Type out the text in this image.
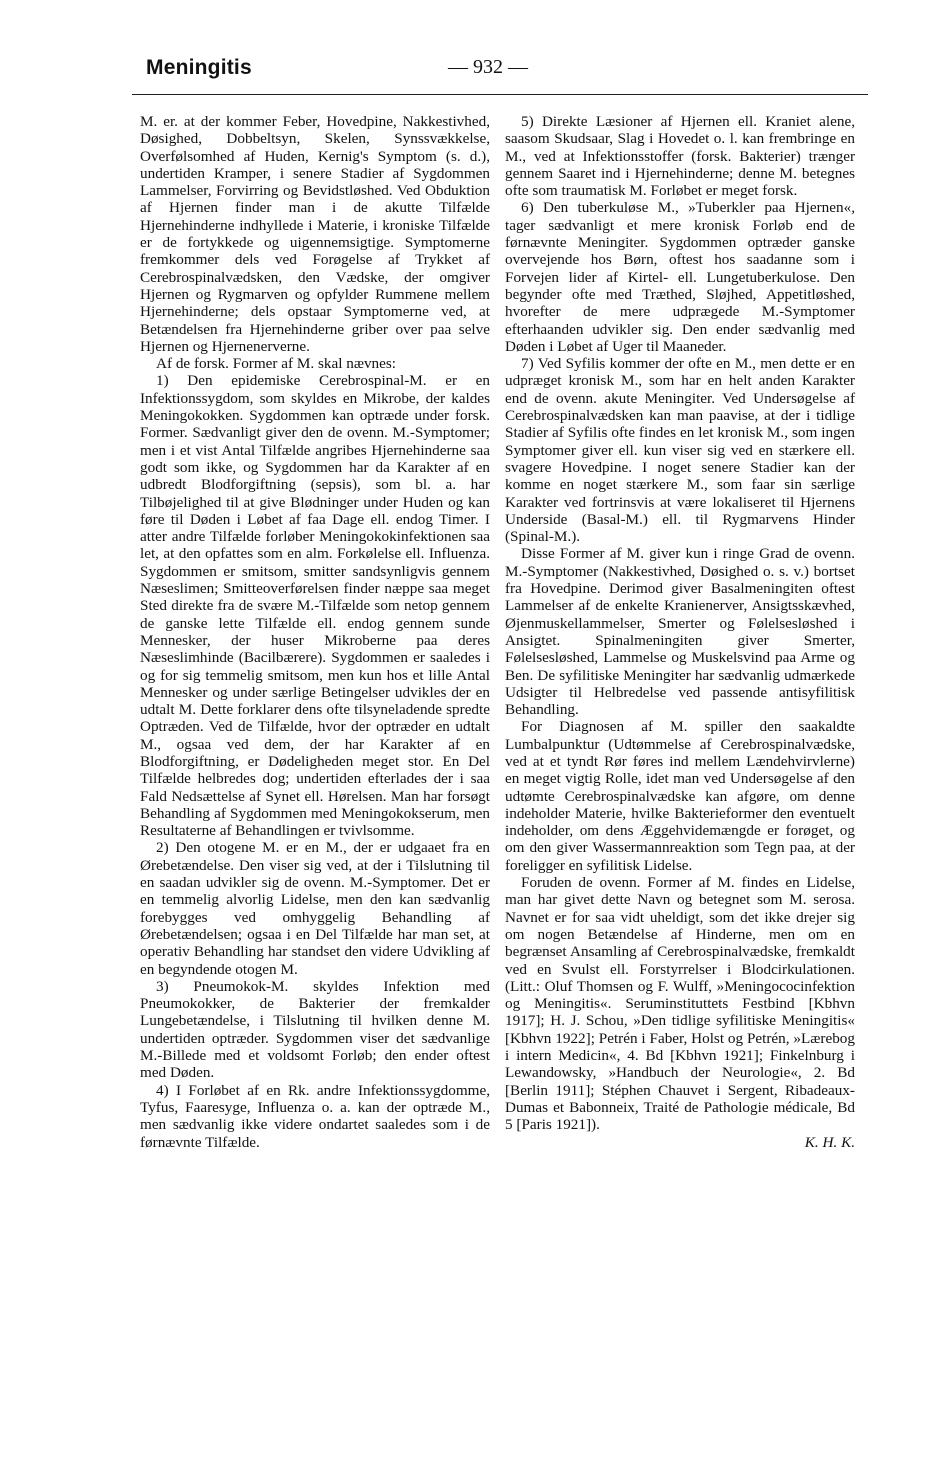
Meningitis	— 932 —

M. er. at der kommer Feber, Hovedpine, Nakkestivhed, Døsighed, Dobbeltsyn, Skelen, Synssvækkelse, Overfølsomhed af Huden, Kernig's Symptom (s. d.), undertiden Kramper, i senere Stadier af Sygdommen Lammelser, Forvirring og Bevidstløshed. Ved Obduktion af Hjernen finder man i de akutte Tilfælde Hjernehinderne indhyllede i Materie, i kroniske Tilfælde er de fortykkede og uigennemsigtige. Symptomerne fremkommer dels ved Forøgelse af Trykket af Cerebrospinalvædsken, den Vædske, der omgiver Hjernen og Rygmarven og opfylder Rummene mellem Hjernehinderne; dels opstaar Symptomerne ved, at Betændelsen fra Hjernehinderne griber over paa selve Hjernen og Hjernenerverne.

Af de forsk. Former af M. skal nævnes:

1) Den epidemiske Cerebrospinal-M. er en Infektionssygdom, som skyldes en Mikrobe, der kaldes Meningokokken. Sygdommen kan optræde under forsk. Former. Sædvanligt giver den de ovenn. M.-Symptomer; men i et vist Antal Tilfælde angribes Hjernehinderne saa godt som ikke, og Sygdommen har da Karakter af en udbredt Blodforgiftning (sepsis), som bl. a. har Tilbøjelighed til at give Blødninger under Huden og kan føre til Døden i Løbet af faa Dage ell. endog Timer. I atter andre Tilfælde forløber Meningokokinfektionen saa let, at den opfattes som en alm. Forkølelse ell. Influenza. Sygdommen er smitsom, smitter sandsynligvis gennem Næseslimen; Smitteoverførelsen finder næppe saa meget Sted direkte fra de svære M.-Tilfælde som netop gennem de ganske lette Tilfælde ell. endog gennem sunde Mennesker, der huser Mikroberne paa deres Næseslimhinde (Bacilbærere). Sygdommen er saaledes i og for sig temmelig smitsom, men kun hos et lille Antal Mennesker og under særlige Betingelser udvikles der en udtalt M. Dette forklarer dens ofte tilsyneladende spredte Optræden. Ved de Tilfælde, hvor der optræder en udtalt M., ogsaa ved dem, der har Karakter af en Blodforgiftning, er Dødeligheden meget stor. En Del Tilfælde helbredes dog; undertiden efterlades der i saa Fald Nedsættelse af Synet ell. Hørelsen. Man har forsøgt Behandling af Sygdommen med Meningokokserum, men Resultaterne af Behandlingen er tvivlsomme.

2) Den otogene M. er en M., der er udgaaet fra en Ørebetændelse. Den viser sig ved, at der i Tilslutning til en saadan udvikler sig de ovenn. M.-Symptomer. Det er en temmelig alvorlig Lidelse, men den kan sædvanlig forebygges ved omhyggelig Behandling af Ørebetændelsen; ogsaa i en Del Tilfælde har man set, at operativ Behandling har standset den videre Udvikling af en begyndende otogen M.

3) Pneumokok-M. skyldes Infektion med Pneumokokker, de Bakterier der fremkalder Lungebetændelse, i Tilslutning til hvilken denne M. undertiden optræder. Sygdommen viser det sædvanlige M.-Billede med et voldsomt Forløb; den ender oftest med Døden.

4) I Forløbet af en Rk. andre Infektionssygdomme, Tyfus, Faaresyge, Influenza o. a. kan der optræde M., men sædvanlig ikke videre ondartet saaledes som i de førnævnte Tilfælde.

5) Direkte Læsioner af Hjernen ell. Kraniet alene, saasom Skudsaar, Slag i Hovedet o. l. kan frembringe en M., ved at Infektionsstoffer (forsk. Bakterier) trænger gennem Saaret ind i Hjernehinderne; denne M. betegnes ofte som traumatisk M. Forløbet er meget forsk.

6) Den tuberkuløse M., »Tuberkler paa Hjernen«, tager sædvanligt et mere kronisk Forløb end de førnævnte Meningiter. Sygdommen optræder ganske overvejende hos Børn, oftest hos saadanne som i Forvejen lider af Kirtel- ell. Lungetuberkulose. Den begynder ofte med Træthed, Sløjhed, Appetitløshed, hvorefter de mere udprægede M.-Symptomer efterhaanden udvikler sig. Den ender sædvanlig med Døden i Løbet af Uger til Maaneder.

7) Ved Syfilis kommer der ofte en M., men dette er en udpræget kronisk M., som har en helt anden Karakter end de ovenn. akute Meningiter. Ved Undersøgelse af Cerebrospinalvædsken kan man paavise, at der i tidlige Stadier af Syfilis ofte findes en let kronisk M., som ingen Symptomer giver ell. kun viser sig ved en stærkere ell. svagere Hovedpine. I noget senere Stadier kan der komme en noget stærkere M., som faar sin særlige Karakter ved fortrinsvis at være lokaliseret til Hjernens Underside (Basal-M.) ell. til Rygmarvens Hinder (Spinal-M.).

Disse Former af M. giver kun i ringe Grad de ovenn. M.-Symptomer (Nakkestivhed, Døsighed o. s. v.) bortset fra Hovedpine. Derimod giver Basalmeningiten oftest Lammelser af de enkelte Kranienerver, Ansigtsskævhed, Øjenmuskellammelser, Smerter og Følelsesløshed i Ansigtet. Spinalmeningiten giver Smerter, Følelsesløshed, Lammelse og Muskelsvind paa Arme og Ben. De syfilitiske Meningiter har sædvanlig udmærkede Udsigter til Helbredelse ved passende antisyfilitisk Behandling.

For Diagnosen af M. spiller den saakaldte Lumbalpunktur (Udtømmelse af Cerebrospinalvædske, ved at et tyndt Rør føres ind mellem Lændehvirvlerne) en meget vigtig Rolle, idet man ved Undersøgelse af den udtømte Cerebrospinalvædske kan afgøre, om denne indeholder Materie, hvilke Bakterieformer den eventuelt indeholder, om dens Æggehvidemængde er forøget, og om den giver Wassermannreaktion som Tegn paa, at der foreligger en syfilitisk Lidelse.

Foruden de ovenn. Former af M. findes en Lidelse, man har givet dette Navn og betegnet som M. serosa. Navnet er for saa vidt uheldigt, som det ikke drejer sig om nogen Betændelse af Hinderne, men om en begrænset Ansamling af Cerebrospinalvædske, fremkaldt ved en Svulst ell. Forstyrrelser i Blodcirkulationen. (Litt.: Oluf Thomsen og F. Wulff, »Meningococinfektion og Meningitis«. Seruminstituttets Festbind [Kbhvn 1917]; H. J. Schou, »Den tidlige syfilitiske Meningitis« [Kbhvn 1922]; Petrén i Faber, Holst og Petrén, »Lærebog i intern Medicin«, 4. Bd [Kbhvn 1921]; Finkelnburg i Lewandowsky, »Handbuch der Neurologie«, 2. Bd [Berlin 1911]; Stéphen Chauvet i Sergent, Ribadeaux-Dumas et Babonneix, Traité de Pathologie médicale, Bd 5 [Paris 1921]).

K. H. K.
